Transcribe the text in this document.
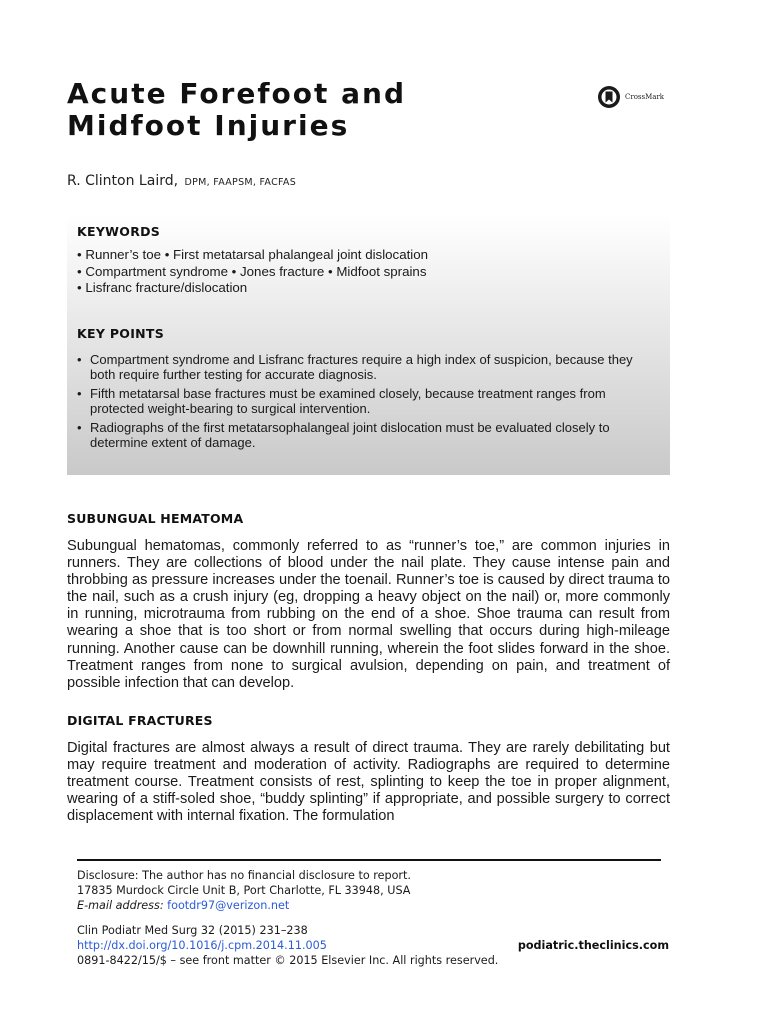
Acute Forefoot and
Midfoot Injuries
CrossMark
R. Clinton Laird, DPM, FAAPSM, FACFAS
KEYWORDS
• Runner’s toe • First metatarsal phalangeal joint dislocation
• Compartment syndrome • Jones fracture • Midfoot sprains
• Lisfranc fracture/dislocation
KEY POINTS
• Compartment syndrome and Lisfranc fractures require a high index of suspicion, because they both require further testing for accurate diagnosis.
• Fifth metatarsal base fractures must be examined closely, because treatment ranges from protected weight-bearing to surgical intervention.
• Radiographs of the first metatarsophalangeal joint dislocation must be evaluated closely to determine extent of damage.
SUBUNGUAL HEMATOMA

Subungual hematomas, commonly referred to as “runner’s toe,” are common injuries in runners. They are collections of blood under the nail plate. They cause intense pain and throbbing as pressure increases under the toenail. Runner’s toe is caused by direct trauma to the nail, such as a crush injury (eg, dropping a heavy object on the nail) or, more commonly in running, microtrauma from rubbing on the end of a shoe. Shoe trauma can result from wearing a shoe that is too short or from normal swelling that occurs during high-mileage running. Another cause can be downhill running, wherein the foot slides forward in the shoe. Treatment ranges from none to surgical avulsion, depending on pain, and treatment of possible infection that can develop.

DIGITAL FRACTURES

Digital fractures are almost always a result of direct trauma. They are rarely debilitating but may require treatment and moderation of activity. Radiographs are required to determine treatment course. Treatment consists of rest, splinting to keep the toe in proper alignment, wearing of a stiff-soled shoe, “buddy splinting” if appropriate, and possible surgery to correct displacement with internal fixation. The formulation

Disclosure: The author has no financial disclosure to report.
17835 Murdock Circle Unit B, Port Charlotte, FL 33948, USA
E-mail address: footdr97@verizon.net
Clin Podiatr Med Surg 32 (2015) 231–238
http://dx.doi.org/10.1016/j.cpm.2014.11.005	podiatric.theclinics.com
0891-8422/15/$ – see front matter © 2015 Elsevier Inc. All rights reserved.
